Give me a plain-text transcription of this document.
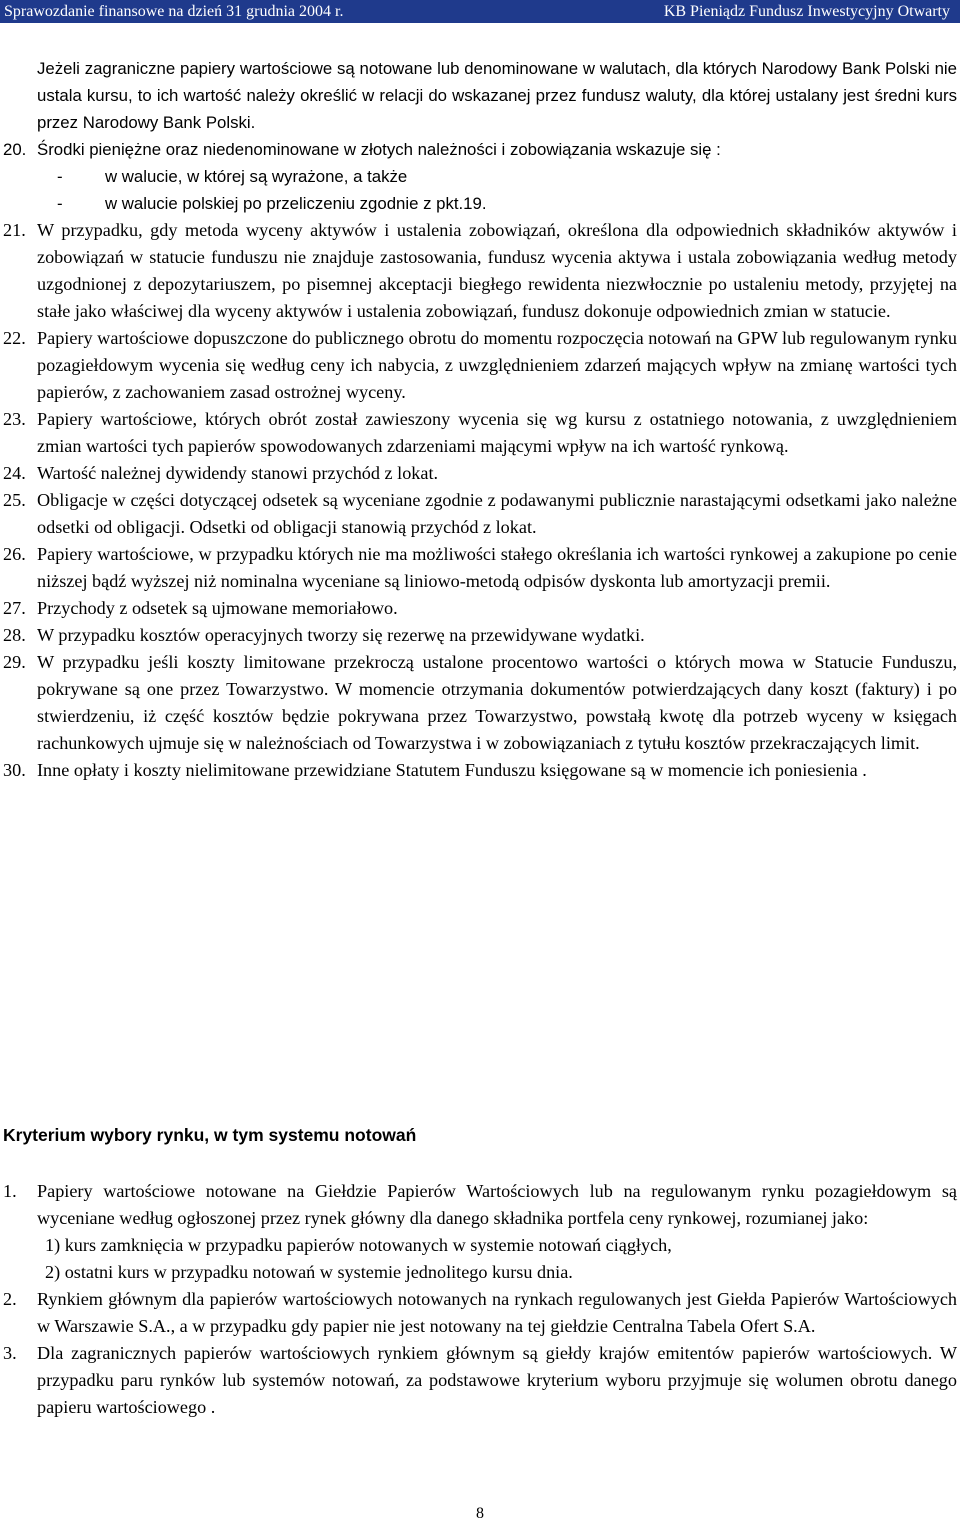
Sprawozdanie finansowe na dzień 31 grudnia 2004 r.	KB Pieniądz Fundusz Inwestycyjny Otwarty
Jeżeli zagraniczne papiery wartościowe są notowane lub denominowane w walutach, dla których Narodowy Bank Polski nie ustala kursu, to ich wartość należy określić w relacji do wskazanej przez fundusz waluty, dla której ustalany jest średni kurs przez Narodowy Bank Polski.
20. Środki pieniężne oraz niedenominowane w złotych należności i zobowiązania wskazuje się :
-	w walucie, w której są wyrażone, a także
-	w walucie polskiej po przeliczeniu zgodnie z pkt.19.
21. W przypadku, gdy metoda wyceny aktywów i ustalenia zobowiązań, określona dla odpowiednich składników aktywów i zobowiązań w statucie funduszu nie znajduje zastosowania, fundusz wycenia aktywa i ustala zobowiązania według metody uzgodnionej z depozytariuszem, po pisemnej akceptacji biegłego rewidenta niezwłocznie po ustaleniu metody, przyjętej na stałe jako właściwej dla wyceny aktywów i ustalenia zobowiązań, fundusz dokonuje odpowiednich zmian w statucie.
22. Papiery wartościowe dopuszczone do publicznego obrotu do momentu rozpoczęcia notowań na GPW lub regulowanym rynku pozagiełdowym wycenia się według ceny ich nabycia, z uwzględnieniem zdarzeń mających wpływ na zmianę wartości tych papierów, z zachowaniem zasad ostrożnej wyceny.
23. Papiery wartościowe, których obrót został zawieszony wycenia się wg kursu z ostatniego notowania, z uwzględnieniem zmian wartości tych papierów spowodowanych zdarzeniami mającymi wpływ na ich wartość rynkową.
24. Wartość należnej dywidendy stanowi przychód z lokat.
25. Obligacje w części dotyczącej odsetek są wyceniane zgodnie z podawanymi publicznie narastającymi odsetkami jako należne odsetki od obligacji. Odsetki od obligacji stanowią przychód z lokat.
26. Papiery wartościowe, w przypadku których nie ma możliwości stałego określania ich wartości rynkowej a zakupione po cenie niższej bądź wyższej niż nominalna wyceniane są liniowo-metodą odpisów dyskonta lub amortyzacji premii.
27. Przychody z odsetek są ujmowane memoriałowo.
28. W przypadku kosztów operacyjnych tworzy się rezerwę na przewidywane wydatki.
29. W przypadku jeśli koszty limitowane przekroczą ustalone procentowo wartości o których mowa w Statucie Funduszu, pokrywane są one przez Towarzystwo. W momencie otrzymania dokumentów potwierdzających dany koszt (faktury) i po stwierdzeniu, iż część kosztów będzie pokrywana przez Towarzystwo, powstałą kwotę dla potrzeb wyceny w księgach rachunkowych ujmuje się w należnościach od Towarzystwa i w zobowiązaniach z tytułu kosztów przekraczających limit.
30. Inne opłaty i koszty nielimitowane przewidziane Statutem Funduszu księgowane są w momencie ich poniesienia .
Kryterium wybory rynku, w tym systemu notowań
1. Papiery wartościowe notowane na Giełdzie Papierów Wartościowych lub na regulowanym rynku pozagiełdowym są wyceniane według ogłoszonej przez rynek główny dla danego składnika portfela ceny rynkowej, rozumianej jako:
1) kurs zamknięcia w przypadku papierów notowanych w systemie notowań ciągłych,
2) ostatni kurs w przypadku notowań w systemie jednolitego kursu dnia.
2. Rynkiem głównym dla papierów wartościowych notowanych na rynkach regulowanych jest Giełda Papierów Wartościowych w Warszawie S.A., a w przypadku gdy papier nie jest notowany na tej giełdzie Centralna Tabela Ofert S.A.
3. Dla zagranicznych papierów wartościowych rynkiem głównym są giełdy krajów emitentów papierów wartościowych. W przypadku paru rynków lub systemów notowań, za podstawowe kryterium wyboru przyjmuje się wolumen obrotu danego papieru wartościowego .
8
